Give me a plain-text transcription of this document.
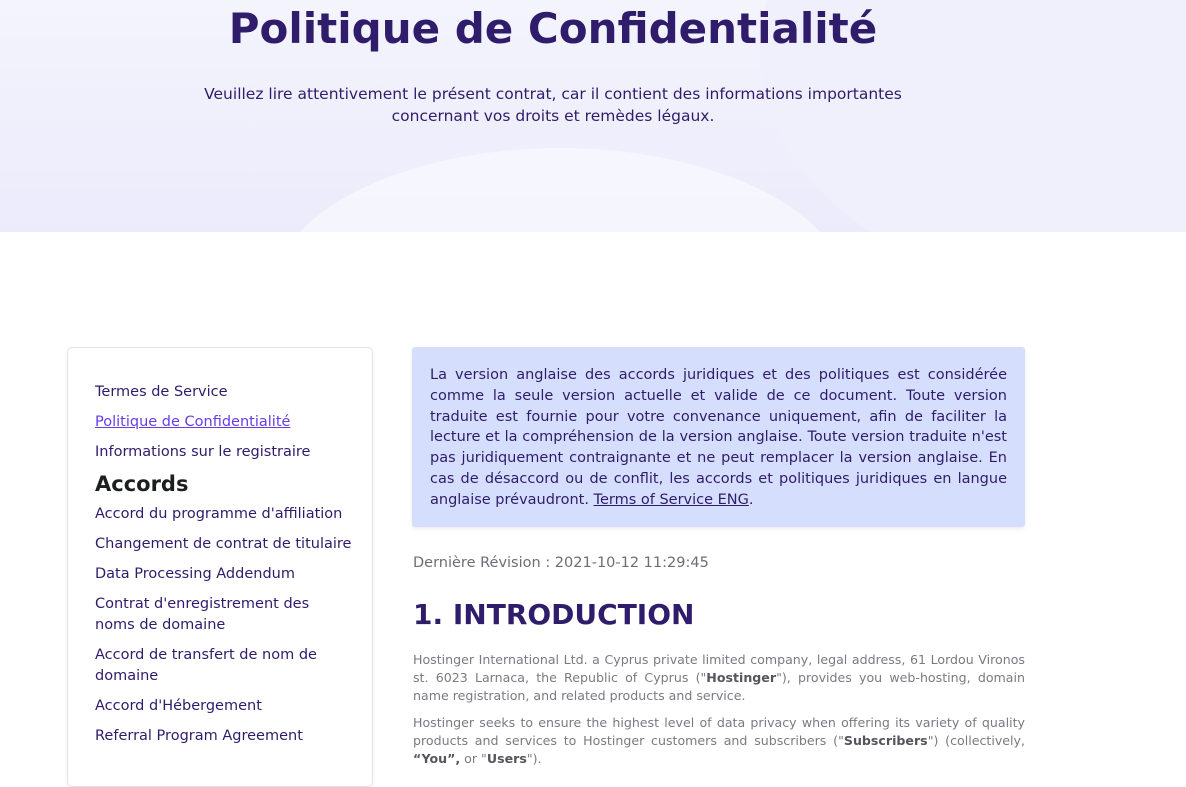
Politique de Confidentialité

Veuillez lire attentivement le présent contrat, car il contient des informations importantes concernant vos droits et remèdes légaux.

Termes de Service
Politique de Confidentialité
Informations sur le registraire
Accords
Accord du programme d'affiliation
Changement de contrat de titulaire
Data Processing Addendum
Contrat d'enregistrement des noms de domaine
Accord de transfert de nom de domaine
Accord d'Hébergement
Referral Program Agreement
La version anglaise des accords juridiques et des politiques est considérée comme la seule version actuelle et valide de ce document. Toute version traduite est fournie pour votre convenance uniquement, afin de faciliter la lecture et la compréhension de la version anglaise. Toute version traduite n'est pas juridiquement contraignante et ne peut remplacer la version anglaise. En cas de désaccord ou de conflit, les accords et politiques juridiques en langue anglaise prévaudront. Terms of Service ENG.
Dernière Révision : 2021-10-12 11:29:45
1. INTRODUCTION

Hostinger International Ltd. a Cyprus private limited company, legal address, 61 Lordou Vironos st. 6023 Larnaca, the Republic of Cyprus ("Hostinger"), provides you web-hosting, domain name registration, and related products and service.

Hostinger seeks to ensure the highest level of data privacy when offering its variety of quality products and services to Hostinger customers and subscribers ("Subscribers") (collectively, “You”, or "Users").
